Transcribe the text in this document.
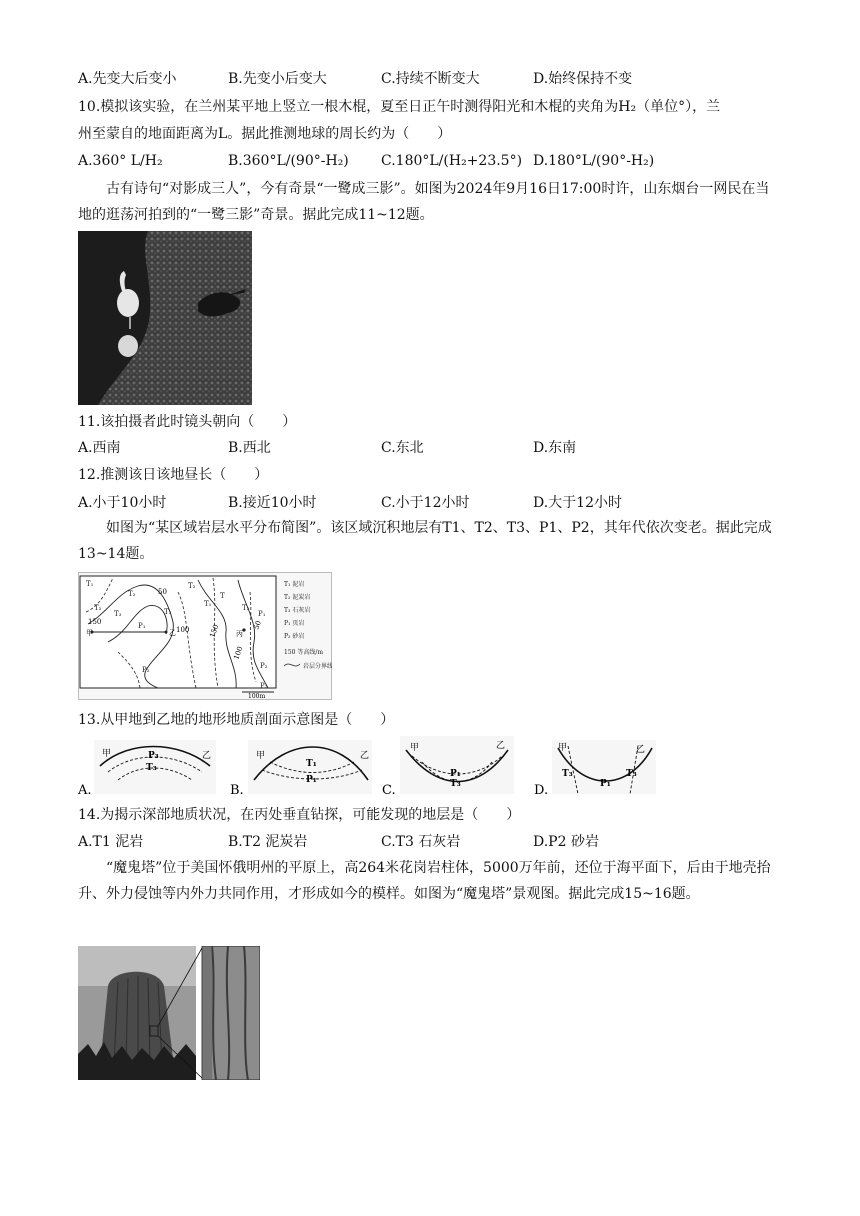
A.先变大后变小	B.先变小后变大	C.持续不断变大	D.始终保持不变
10.模拟该实验，在兰州某平地上竖立一根木棍，夏至日正午时测得阳光和木棍的夹角为H₂（单位°），兰
州至蒙自的地面距离为L。据此推测地球的周长约为（　　）
A.360° L/H₂	B.360°L/(90°-H₂) C.180°L/(H₂+23.5°) D.180°L/(90°-H₂)

古有诗句“对影成三人”，今有奇景“一鹭成三影”。如图为2024年9月16日17:00时许，山东烟台一网民在当地的逛荡河拍到的“一鹭三影”奇景。据此完成11~12题。

11.该拍摄者此时镜头朝向（　　）
A.西南	B.西北	C.东北	D.东南
12.推测该日该地昼长（　　）
A.小于10小时	B.接近10小时	C.小于12小时	D.大于12小时

如图为“某区域岩层水平分布简图”。该区域沉积地层有T1、T2、T3、P1、P2，其年代依次变老。据此完成13~14题。

T₁
T₂
T₃
T₂
P₁
T₃
T₂
T₁
T
T₂
P₁
P₂	P₂
P₂
甲	乙	丙
150
50
100	150
100
50
T₁ 泥岩
T₂ 泥炭岩
T₃ 石灰岩
P₁ 页岩
P₂ 砂岩
150 等高线/m
岩层分界线
100m
13.从甲地到乙地的地形地质剖面示意图是（　　）
A.
甲	乙
P₃
T₃
B.
甲	乙
T₁
P₁
C.
甲	乙
P₁
T₃	D.
甲	乙
T₃	T₃
P₁
14.为揭示深部地质状况，在丙处垂直钻探，可能发现的地层是（　　）
A.T1 泥岩	B.T2 泥炭岩	C.T3 石灰岩	D.P2 砂岩

“魔鬼塔”位于美国怀俄明州的平原上，高264米花岗岩柱体，5000万年前，还位于海平面下，后由于地壳抬升、外力侵蚀等内外力共同作用，才形成如今的模样。如图为“魔鬼塔”景观图。据此完成15~16题。
